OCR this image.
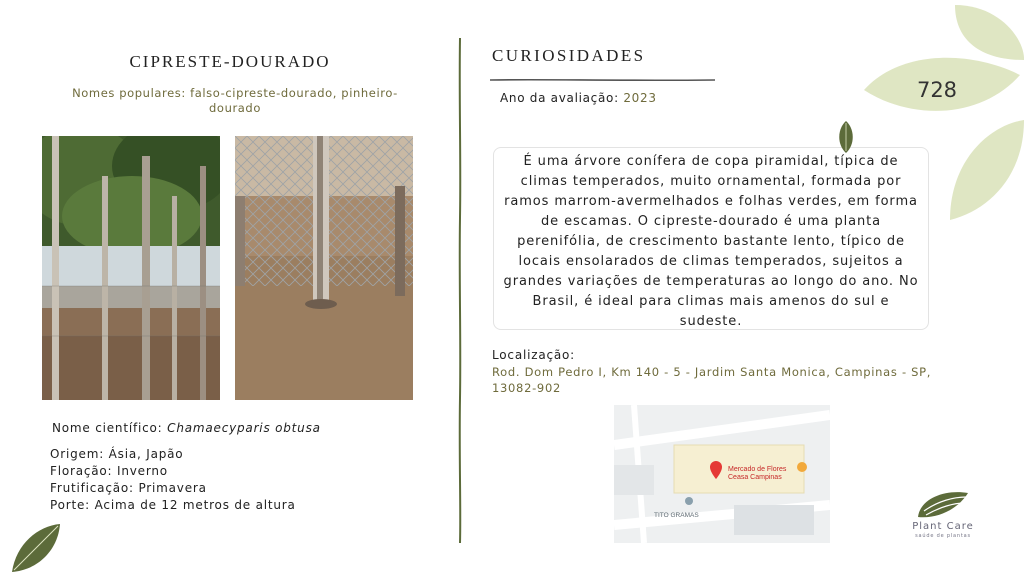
CIPRESTE-DOURADO
Nomes populares: falso-cipreste-dourado, pinheiro-dourado
Nome científico: Chamaecyparis obtusa
Origem: Ásia, Japão
Floração: Inverno
Frutificação: Primavera
Porte: Acima de 12 metros de altura
CURIOSIDADES
Ano da avaliação: 2023
É uma árvore conífera de copa piramidal, típica de climas temperados, muito ornamental, formada por ramos marrom-avermelhados e folhas verdes, em forma de escamas. O cipreste-dourado é uma planta perenifólia, de crescimento bastante lento, típico de locais ensolarados de climas temperados, sujeitos a grandes variações de temperaturas ao longo do ano. No Brasil, é ideal para climas mais amenos do sul e sudeste.
Localização:
Rod. Dom Pedro I, Km 140 - 5 - Jardim Santa Monica, Campinas - SP, 13082-902
Mercado de Flores
Ceasa Campinas
TITO GRAMAS
728
Plant Care
saúde de plantas
